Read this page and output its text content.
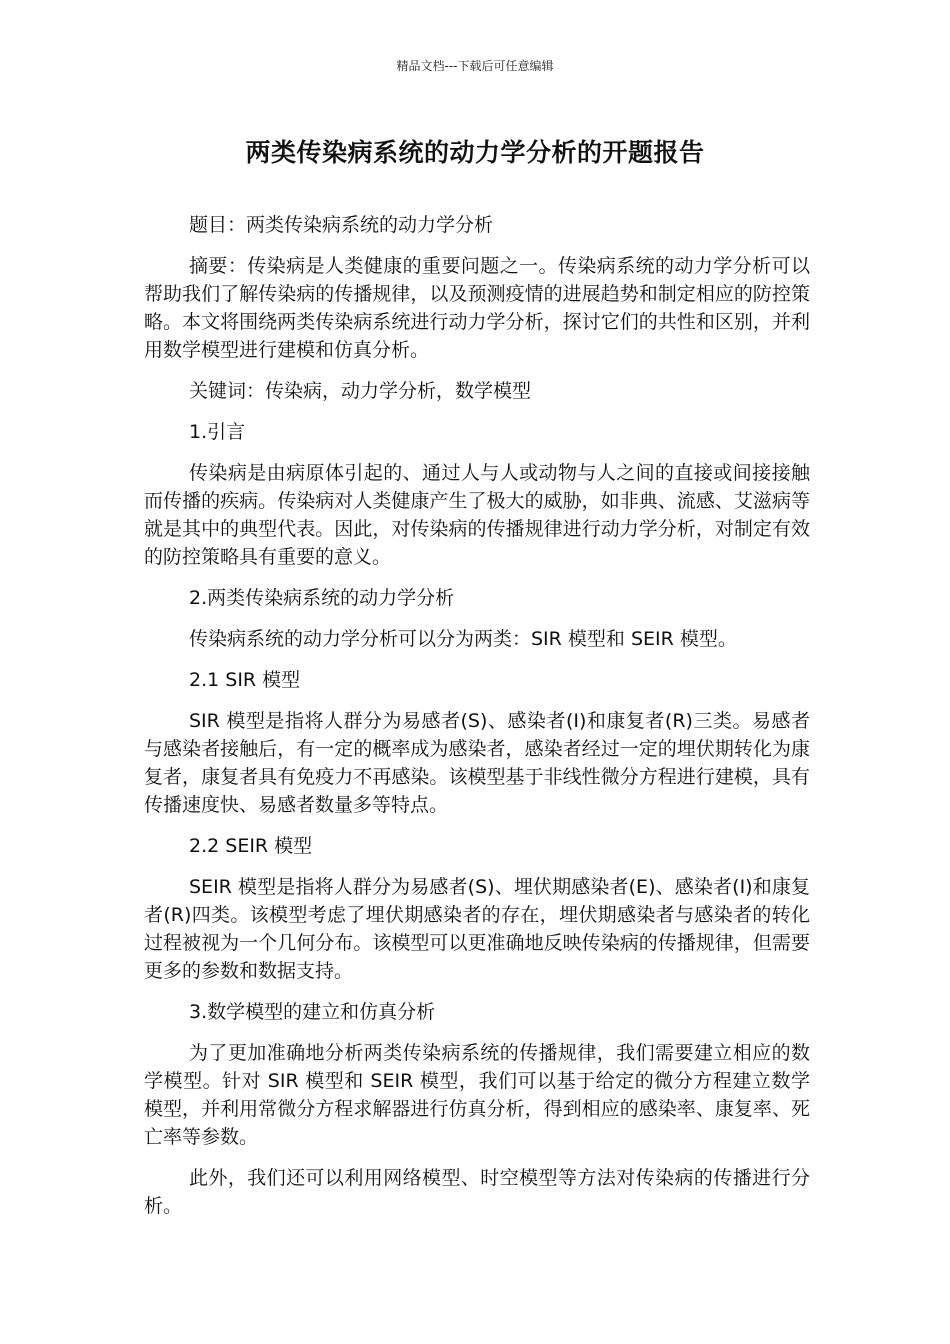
精品文档---下载后可任意编辑
两类传染病系统的动力学分析的开题报告

题目：两类传染病系统的动力学分析

摘要：传染病是人类健康的重要问题之一。传染病系统的动力学分析可以帮助我们了解传染病的传播规律，以及预测疫情的进展趋势和制定相应的防控策略。本文将围绕两类传染病系统进行动力学分析，探讨它们的共性和区别，并利用数学模型进行建模和仿真分析。

关键词：传染病，动力学分析，数学模型

1.引言

传染病是由病原体引起的、通过人与人或动物与人之间的直接或间接接触而传播的疾病。传染病对人类健康产生了极大的威胁，如非典、流感、艾滋病等就是其中的典型代表。因此，对传染病的传播规律进行动力学分析，对制定有效的防控策略具有重要的意义。

2.两类传染病系统的动力学分析

传染病系统的动力学分析可以分为两类：SIR 模型和 SEIR 模型。

2.1 SIR 模型

SIR 模型是指将人群分为易感者(S)、感染者(I)和康复者(R)三类。易感者与感染者接触后，有一定的概率成为感染者，感染者经过一定的埋伏期转化为康复者，康复者具有免疫力不再感染。该模型基于非线性微分方程进行建模，具有传播速度快、易感者数量多等特点。

2.2 SEIR 模型

SEIR 模型是指将人群分为易感者(S)、埋伏期感染者(E)、感染者(I)和康复者(R)四类。该模型考虑了埋伏期感染者的存在，埋伏期感染者与感染者的转化过程被视为一个几何分布。该模型可以更准确地反映传染病的传播规律，但需要更多的参数和数据支持。

3.数学模型的建立和仿真分析

为了更加准确地分析两类传染病系统的传播规律，我们需要建立相应的数学模型。针对 SIR 模型和 SEIR 模型，我们可以基于给定的微分方程建立数学模型，并利用常微分方程求解器进行仿真分析，得到相应的感染率、康复率、死亡率等参数。

此外，我们还可以利用网络模型、时空模型等方法对传染病的传播进行分析。
